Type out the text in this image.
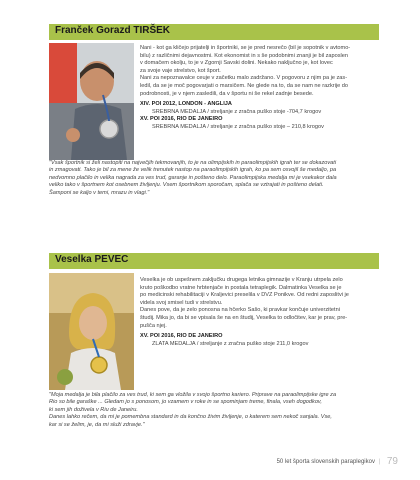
Franček Gorazd TIRŠEK

Nani - kot ga kličejo prijatelji in športniki, se je pred nesrečo (bil je sopotnik v avtomo-

bilu) z različnimi dejavnostmi. Kot ekonomist in s še podobnimi znanji je bil zaposlen

v domačem okolju, to je v Zgornji Savski dolini. Nekako naključno je, kot lovec

za svoje vaje strelstvo, kot šport.

Nani za nepoznavalce ceuje v začetku malo zadržano. V pogovoru z njim pa je zas-

ledil, da se je moč pogovarjati o marsičem. Ne glede na to, da se nam ne razkrije do

podrobnosti, je v njem zasledili, da v športu ni še rekel zadnje besede.

XIV. POI 2012, LONDON - ANGLIJA

SREBRNA MEDALJA / streljanje z zračna puško stoje -704,7 krogov

XV. POI 2016, RIO DE JANEIRO

SREBRNA MEDALJA / streljanje z zračna puško stoje – 210,8 krogov

"Vsak športnik si želi nastopiti na največjih tekmovanjih, to je na olimpijskih in paraolimpijskih igrah ter se dokazovati

in zmagovati. Tako je bil za mene že velik trenutek nastop na paraolimpijskih igrah, ko pa sem osvojil še medaljo, pa

nedvomno plačilo in velika nagrada za ves trud, garanje in pošteno delo. Paraolimpijska medalja mi je vsekakor dala

veliko tako v športnem kot osebnem življenju. Vsem športnikom sporočam, splača se vztrajati in pošteno delati.

Šamponi se kaljo v temi, mrazu in vlagi."

Veselka PEVEC

Veselka je ob uspešnem zaključku drugega letnika gimnazije v Kranju utrpela zelo

kruto poškodbo vratne hrbtenjače in postala tetraplegik. Dalmatinka Veselka se je

po medicinski rehabilitaciji v Kraljevici preselila v DVZ Ponikve. Od redni zaposlitvi je

videla svoj smisel tudi v strelstvu.

Danes pove, da je zelo ponosna na hčerko Sašo, ki pravkar končuje univerzitetni

študij. Mika jo, da bi se vpisala še na en študij, Veselka to odločitev, kar je prav, pre-

pušča njej.

XV. POI 2016, RIO DE JANEIRO

ZLATA MEDALJA / streljanje z zračna puško stoje 211,0 krogov

"Moja medalja je bila plačilo za ves trud, ki sem ga vložila v svojo športno kariero. Priprave na paraolimpijske igre za

Rio so bile garaške ... Gledam jo s ponosom, jo vzamem v roke in se spominjam treme, finala, vseh dogodkov,

ki sem jih doživela v Riu de Janeiru.

Danes lahko rečem, da mi je pomembna standard in da končno živim življenje, o katerem sem nekoč sanjala. Vse,

kar si se želim, je, da mi služi zdravje."

50 let športa slovenskih paraplegikov | 79
